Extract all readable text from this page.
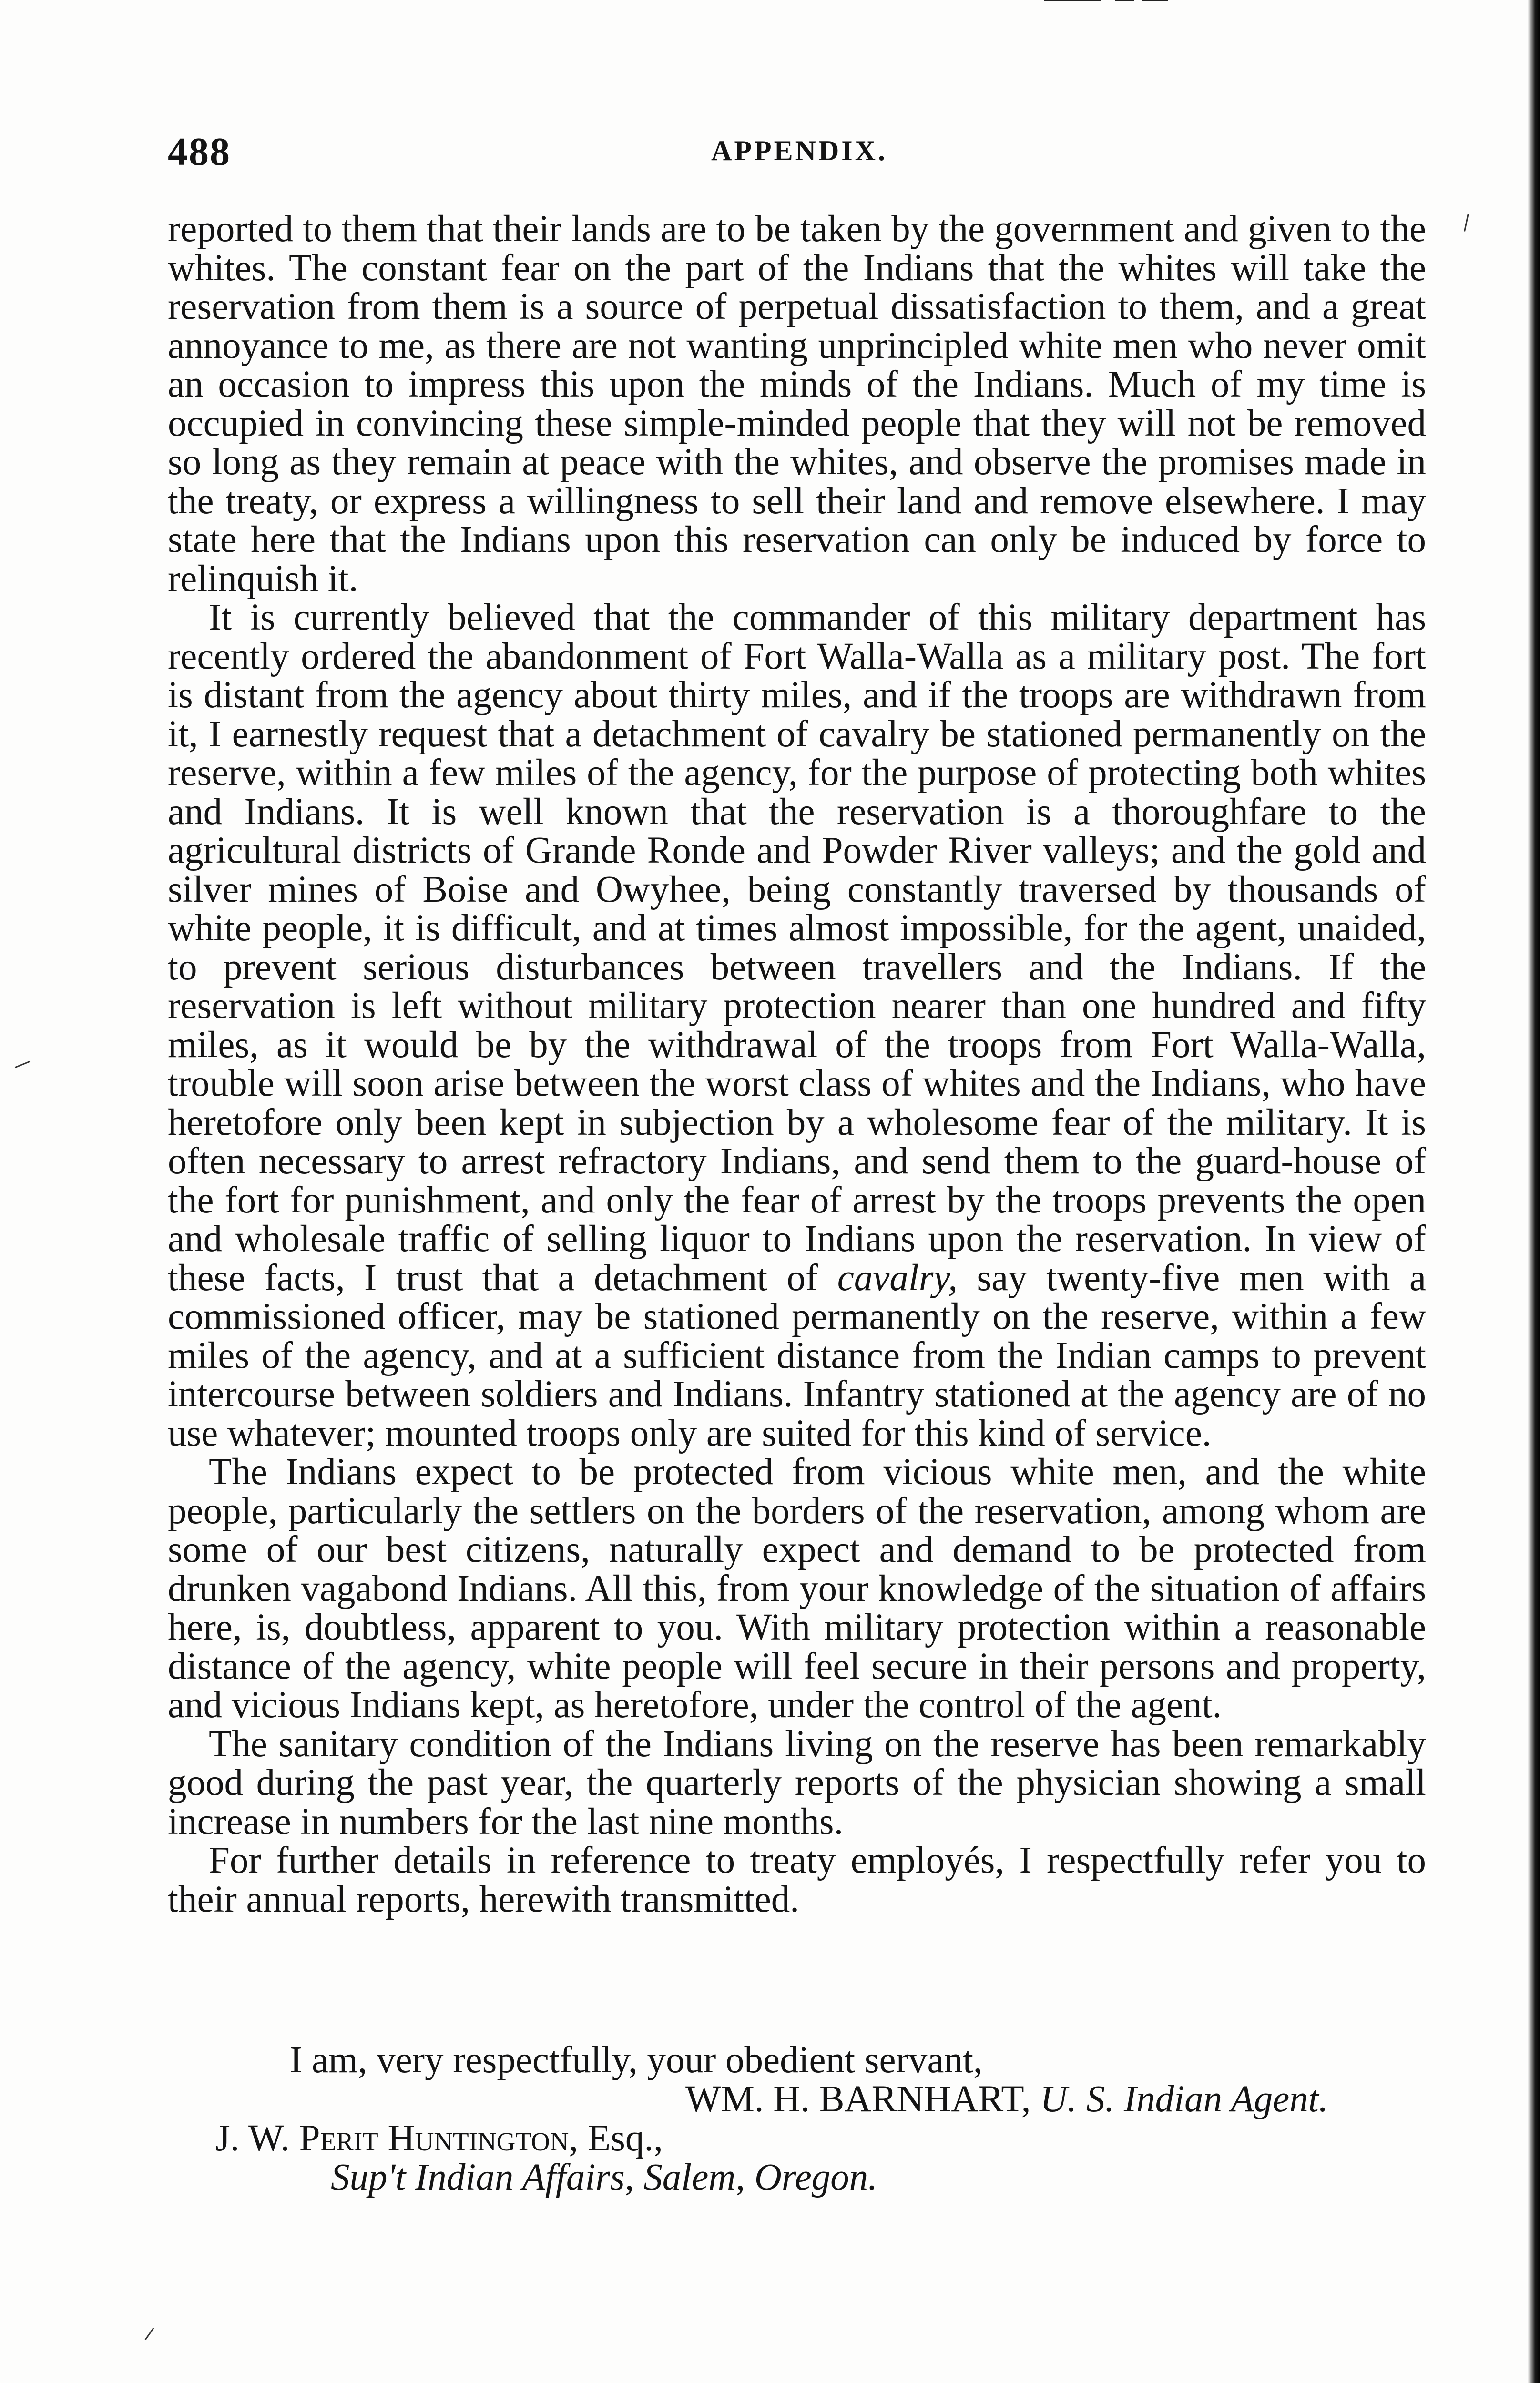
488	APPENDIX.

reported to them that their lands are to be taken by the government and given to the whites. The constant fear on the part of the Indians that the whites will take the reservation from them is a source of perpetual dissatisfaction to them, and a great annoyance to me, as there are not wanting unprincipled white men who never omit an occasion to impress this upon the minds of the Indians. Much of my time is occupied in convincing these simple-minded people that they will not be removed so long as they remain at peace with the whites, and observe the promises made in the treaty, or express a willingness to sell their land and remove elsewhere. I may state here that the Indians upon this reservation can only be induced by force to relinquish it.

It is currently believed that the commander of this military department has recently ordered the abandonment of Fort Walla-Walla as a military post. The fort is distant from the agency about thirty miles, and if the troops are withdrawn from it, I earnestly request that a detachment of cavalry be stationed permanently on the reserve, within a few miles of the agency, for the purpose of protecting both whites and Indians. It is well known that the reservation is a thoroughfare to the agricultural districts of Grande Ronde and Powder River valleys; and the gold and silver mines of Boise and Owyhee, being constantly traversed by thousands of white people, it is difficult, and at times almost impossible, for the agent, unaided, to prevent serious disturbances between travellers and the Indians. If the reservation is left without military protection nearer than one hundred and fifty miles, as it would be by the withdrawal of the troops from Fort Walla-Walla, trouble will soon arise between the worst class of whites and the Indians, who have heretofore only been kept in subjection by a wholesome fear of the military. It is often necessary to arrest refractory Indians, and send them to the guard-house of the fort for punishment, and only the fear of arrest by the troops prevents the open and wholesale traffic of selling liquor to Indians upon the reservation. In view of these facts, I trust that a detachment of cavalry, say twenty-five men with a commissioned officer, may be stationed permanently on the reserve, within a few miles of the agency, and at a sufficient distance from the Indian camps to prevent intercourse between soldiers and Indians. Infantry stationed at the agency are of no use whatever; mounted troops only are suited for this kind of service.

The Indians expect to be protected from vicious white men, and the white people, particularly the settlers on the borders of the reservation, among whom are some of our best citizens, naturally expect and demand to be protected from drunken vagabond Indians. All this, from your knowledge of the situation of affairs here, is, doubtless, apparent to you. With military protection within a reasonable distance of the agency, white people will feel secure in their persons and property, and vicious Indians kept, as heretofore, under the control of the agent.

The sanitary condition of the Indians living on the reserve has been remarkably good during the past year, the quarterly reports of the physician showing a small increase in numbers for the last nine months.

For further details in reference to treaty employés, I respectfully refer you to their annual reports, herewith transmitted.

I am, very respectfully, your obedient servant,
WM. H. BARNHART, U. S. Indian Agent.
J. W. Perit Huntington, Esq.,
Sup't Indian Affairs, Salem, Oregon.
